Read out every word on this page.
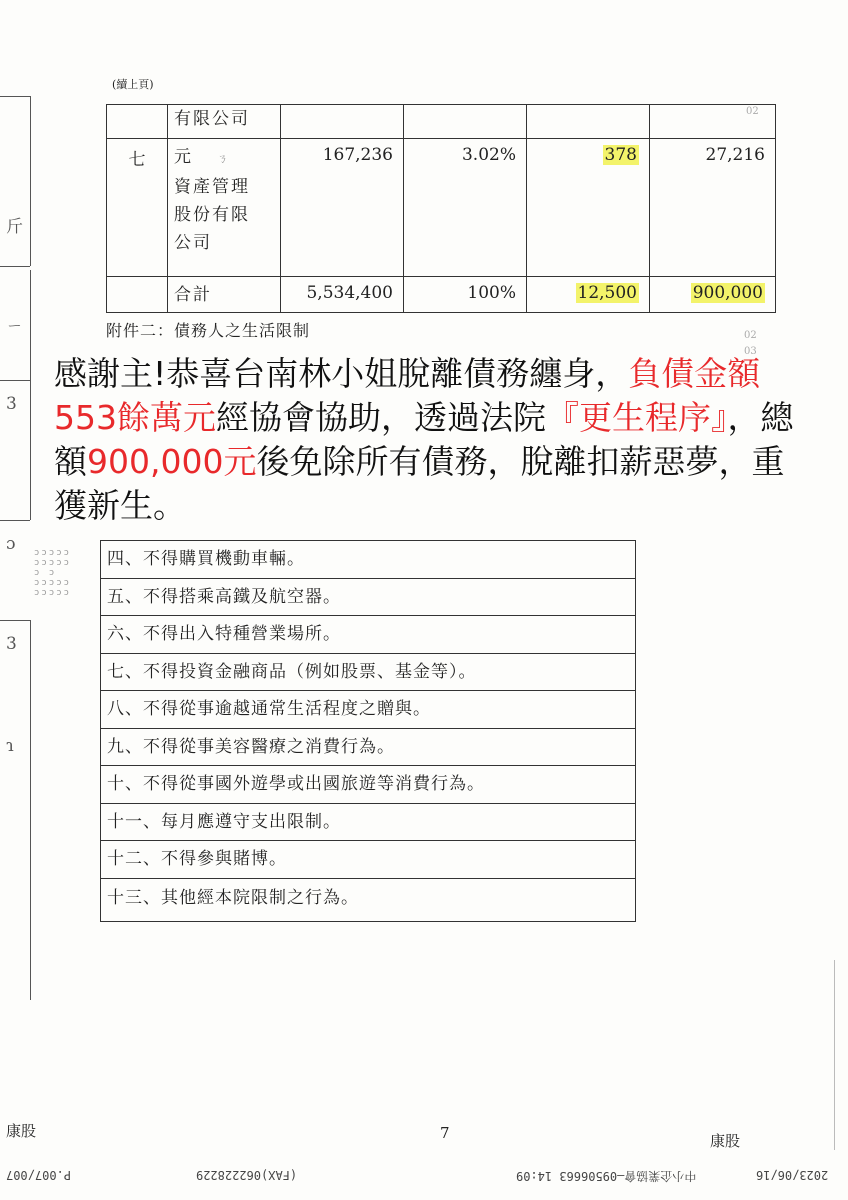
斤
ㄧ
3
ɔ
3
ɿ
ɔɔɔɔɔ
ɔɔɔɔɔ
ɔ ɔ
ɔɔɔɔɔ
ɔɔɔɔɔ
02
02
03
(續上頁)
	有限公司				
七	元 ㄋ
資產管理
股份有限
公司	167,236	3.02%	378	27,216
	合計	5,534,400	100%	12,500	900,000
附件二：債務人之生活限制
四、不得購買機動車輛。
五、不得搭乘高鐵及航空器。
六、不得出入特種營業場所。
七、不得投資金融商品（例如股票、基金等）。
八、不得從事逾越通常生活程度之贈與。
九、不得從事美容醫療之消費行為。
十、不得從事國外遊學或出國旅遊等消費行為。
十一、每月應遵守支出限制。
十二、不得參與賭博。
十三、其他經本院限制之行為。
感謝主!恭喜台南林小姐脫離債務纏身，負債金額553餘萬元經協會協助，透過法院『更生程序』，總額900,000元後免除所有債務，脫離扣薪惡夢，重獲新生。
康股	7	康股
P.007/007	(FAX)062228229	中小企業協會—09506663 14:09	2023/06/16
